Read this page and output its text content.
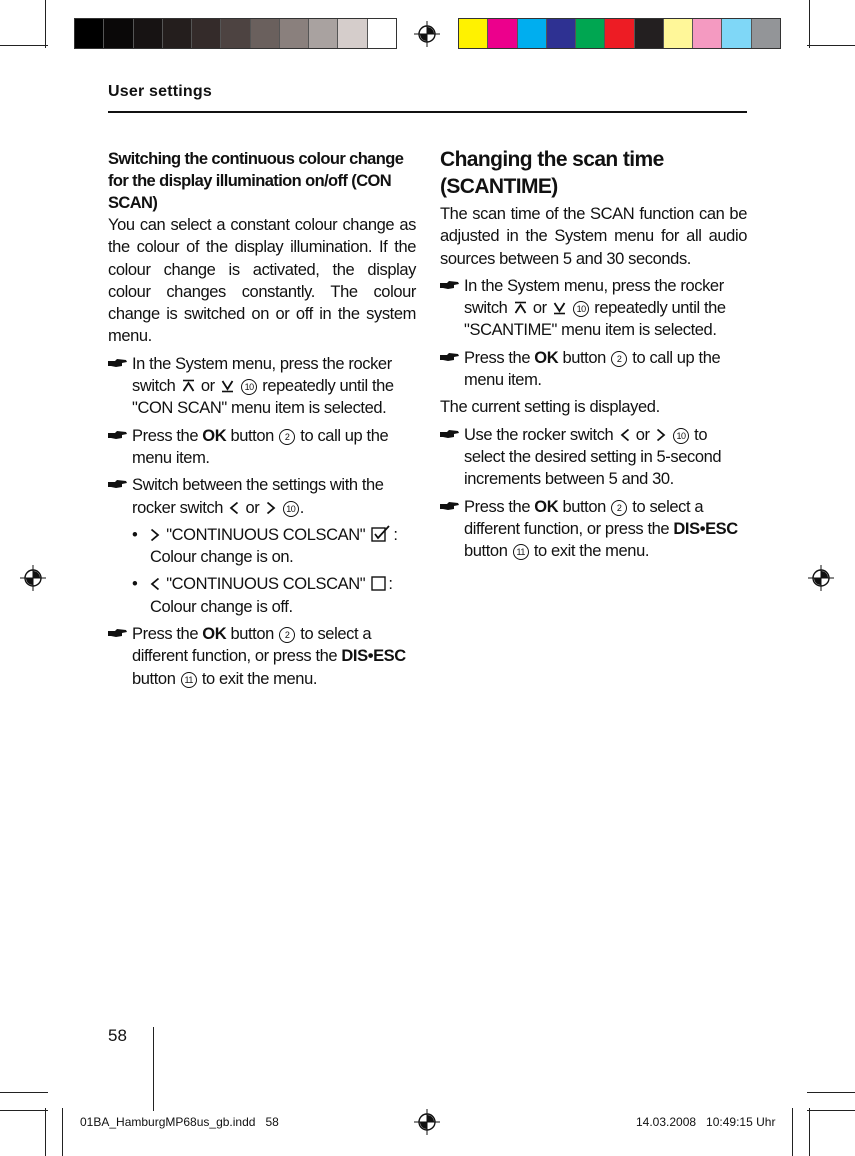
User settings
Switching the continuous colour change for the display illumination on/off (CON SCAN)

You can select a constant colour change as the colour of the display illumination. If the colour change is activated, the display colour changes constantly. The colour change is switched on or off in the system menu.

In the System menu, press the rocker switch or	10 repeatedly until the "CON SCAN" menu item is selected.
Press the OK button 2 to call up the menu item.
Switch between the settings with the rocker switch or	10 .
• "CONTINUOUS COLSCAN" : Colour change is on.
• "CONTINUOUS COLSCAN" : Colour change is off.
Press the OK button 2 to select a different function, or press the DIS•ESC button 11 to exit the menu.
Changing the scan time (SCANTIME)

The scan time of the SCAN function can be adjusted in the System menu for all audio sources between 5 and 30 seconds.

In the System menu, press the rocker switch or	10 repeatedly until the "SCANTIME" menu item is selected.
Press the OK button 2 to call up the menu item.

The current setting is displayed.

Use the rocker switch or	10 to select the desired setting in 5-second increments between 5 and 30.
Press the OK button 2 to select a different function, or press the DIS•ESC button 11 to exit the menu.
58
01BA_HamburgMP68us_gb.indd   58	14.03.2008   10:49:15 Uhr
